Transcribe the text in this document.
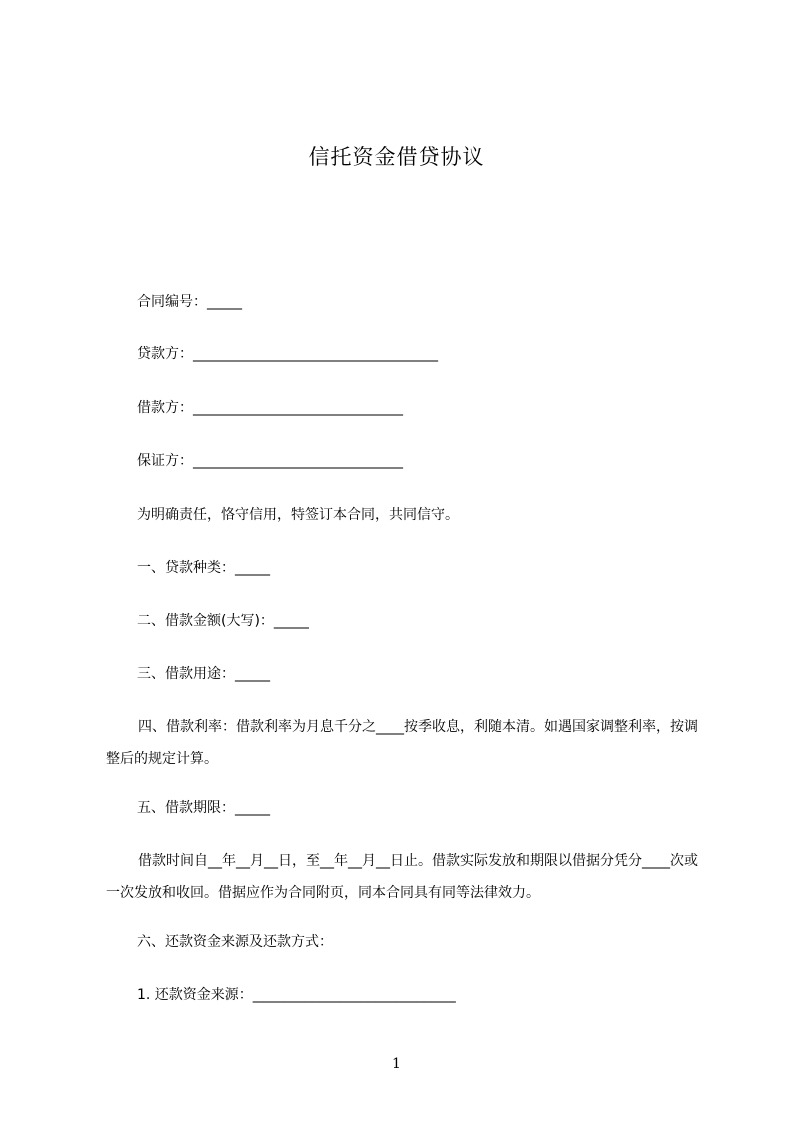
信托资金借贷协议
合同编号：_____
贷款方：___________________________________
借款方：______________________________
保证方：______________________________
为明确责任，恪守信用，特签订本合同，共同信守。
一、贷款种类：_____
二、借款金额(大写)：_____
三、借款用途：_____
四、借款利率：借款利率为月息千分之____按季收息，利随本清。如遇国家调整利率，按调整后的规定计算。
五、借款期限：_____
借款时间自__年__月__日，至__年__月__日止。借款实际发放和期限以借据分凭分____次或一次发放和收回。借据应作为合同附页，同本合同具有同等法律效力。
六、还款资金来源及还款方式：
1. 还款资金来源：_____________________________
1
